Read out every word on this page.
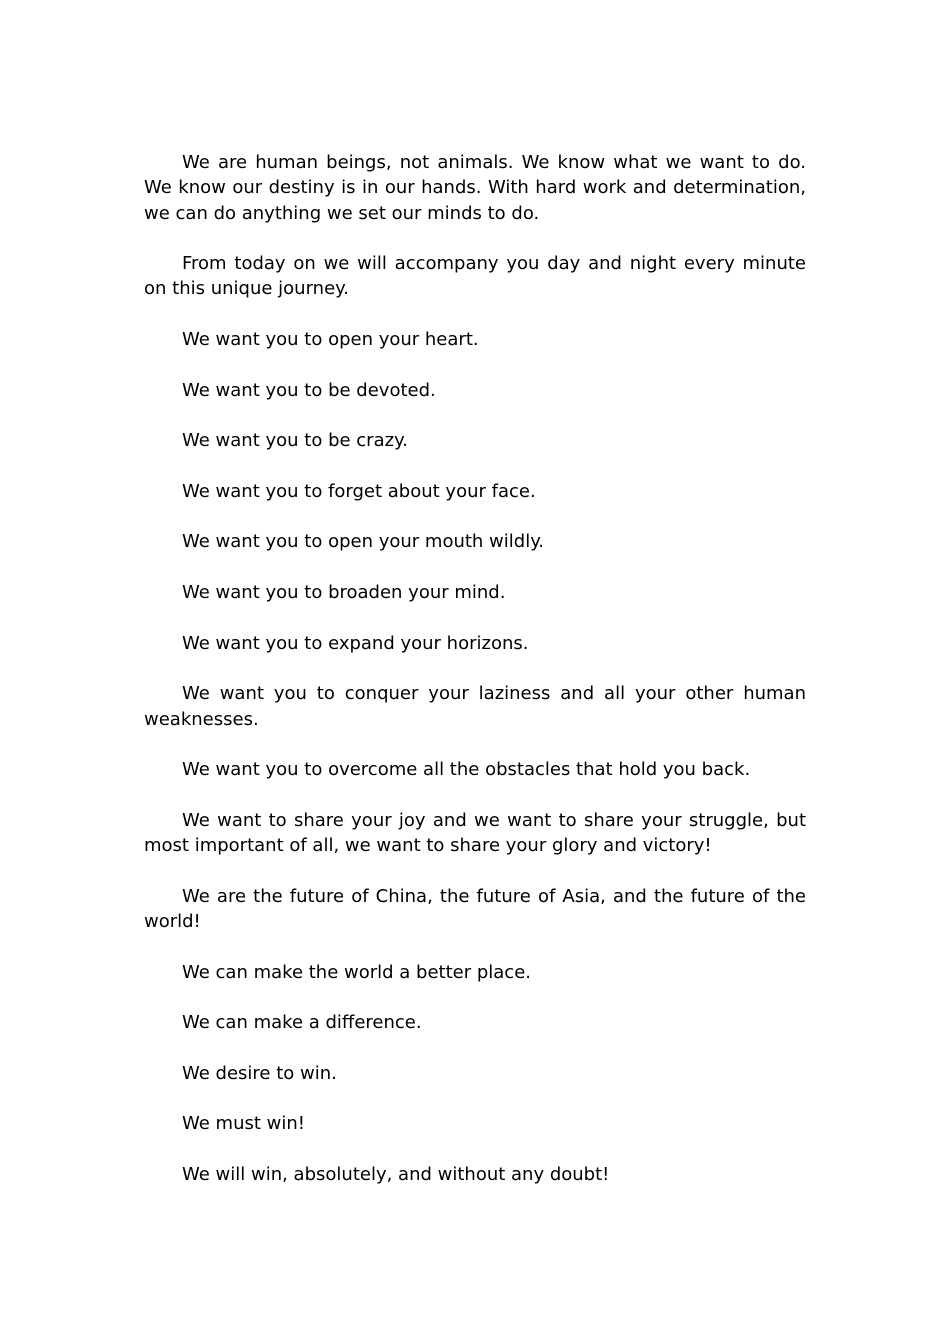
We are human beings, not animals. We know what we want to do. We know our destiny is in our hands. With hard work and determination, we can do anything we set our minds to do.

From today on we will accompany you day and night every minute on this unique journey.

We want you to open your heart.

We want you to be devoted.

We want you to be crazy.

We want you to forget about your face.

We want you to open your mouth wildly.

We want you to broaden your mind.

We want you to expand your horizons.

We want you to conquer your laziness and all your other human weaknesses.

We want you to overcome all the obstacles that hold you back.

We want to share your joy and we want to share your struggle, but most important of all, we want to share your glory and victory!

We are the future of China, the future of Asia, and the future of the world!

We can make the world a better place.

We can make a difference.

We desire to win.

We must win!

We will win, absolutely, and without any doubt!
